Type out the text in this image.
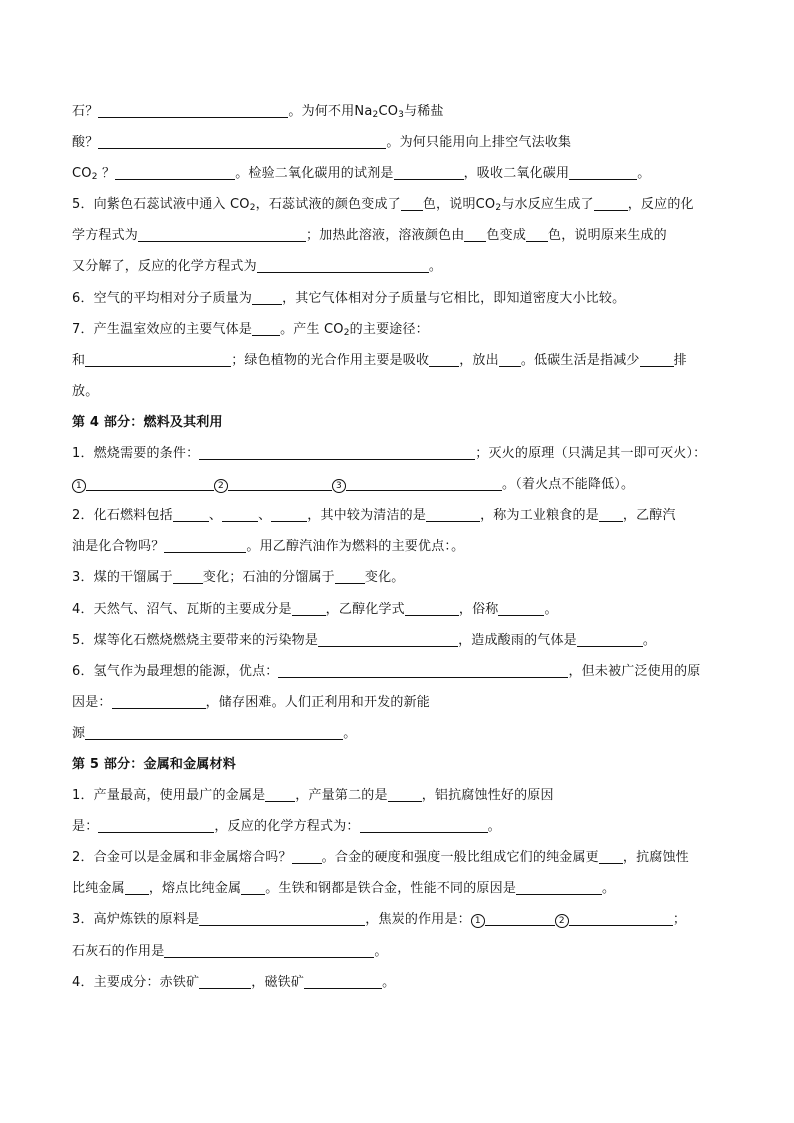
石？	。为何不用$Na_2CO_3$与稀盐
酸？	。为何只能用向上排空气法收集
$CO_2$ ？	。检验二氧化碳用的试剂是	，吸收二氧化碳用	。
5．向紫色石蕊试液中通入 $CO_2$，石蕊试液的颜色变成了 色，说明$CO_2$与水反应生成了	，反应的化
学方程式为	；加热此溶液，溶液颜色由 色变成 色，说明原来生成的
又分解了，反应的化学方程式为	。
6．空气的平均相对分子质量为 ，其它气体相对分子质量与它相比，即知道密度大小比较。
7．产生温室效应的主要气体是 。产生 $CO_2$的主要途径：
和	；绿色植物的光合作用主要是吸收 ，放出 。低碳生活是指减少	排
放。
第 4 部分：燃料及其利用
1．燃烧需要的条件：	；灭火的原理（只满足其一即可灭火）：
1	2	3	。（着火点不能降低）。
2．化石燃料包括	、	、	，其中较为清洁的是	，称为工业粮食的是 ，乙醇汽
油是化合物吗？	。用乙醇汽油作为燃料的主要优点：。
3．煤的干馏属于 变化；石油的分馏属于 变化。
4．天然气、沼气、瓦斯的主要成分是	，乙醇化学式	，俗称	。
5．煤等化石燃烧燃烧主要带来的污染物是	，造成酸雨的气体是	。
6．氢气作为最理想的能源，优点：	，但未被广泛使用的原
因是：	，储存困难。人们正利用和开发的新能
源	。
第 5 部分：金属和金属材料
1．产量最高，使用最广的金属是 ，产量第二的是	，铝抗腐蚀性好的原因
是：	，反应的化学方程式为：	。
2．合金可以是金属和非金属熔合吗？ 。合金的硬度和强度一般比组成它们的纯金属更 ，抗腐蚀性
比纯金属 ，熔点比纯金属 。生铁和钢都是铁合金，性能不同的原因是	。
3．高炉炼铁的原料是	，焦炭的作用是： 1	2	；
石灰石的作用是	。
4．主要成分：赤铁矿	，磁铁矿	。
